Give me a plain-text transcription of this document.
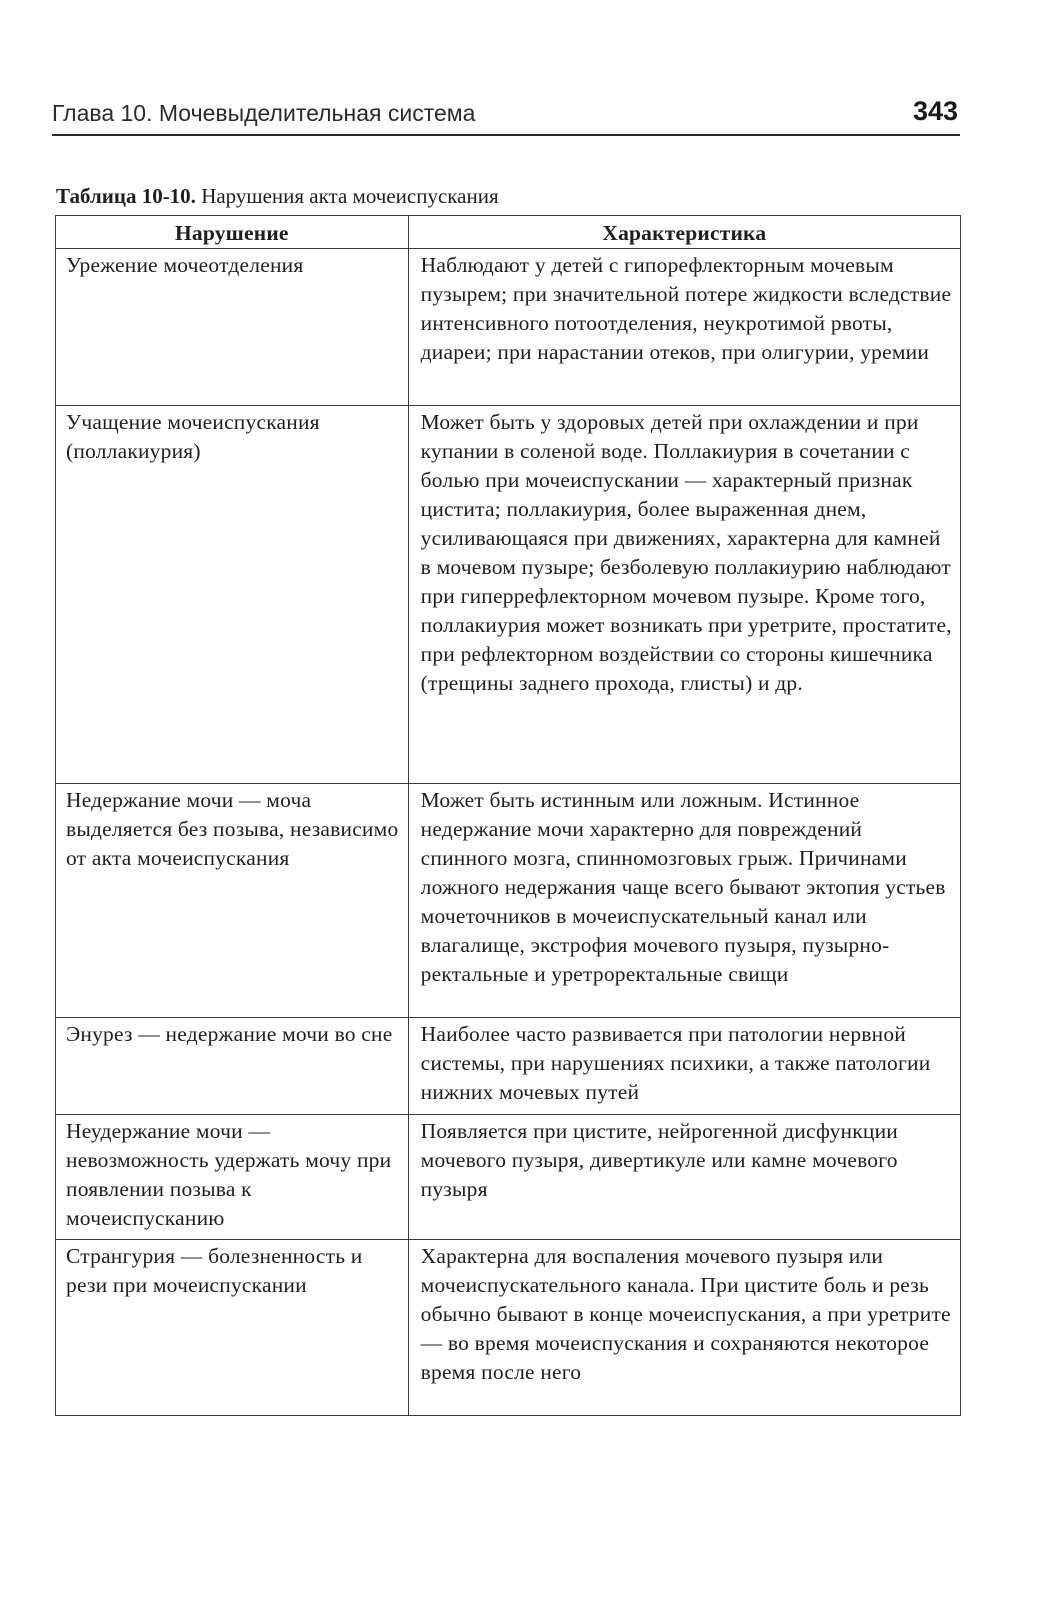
Глава 10. Мочевыделительная система	343
Таблица 10-10. Нарушения акта мочеиспускания
Нарушение	Характеристика
Урежение мочеотделения	Наблюдают у детей с гипорефлекторным мочевым пузырем; при значительной потере жидкости вследствие интенсивного потоотделения, неукротимой рвоты, диареи; при нарастании отеков, при олигурии, уремии
Учащение мочеиспускания (поллакиурия)	Может быть у здоровых детей при охлаждении и при купании в соленой воде. Поллакиурия в сочетании с болью при мочеиспускании — характерный признак цистита; поллакиурия, более выраженная днем, усиливающаяся при движениях, характерна для камней в мочевом пузыре; безболевую поллакиурию наблюдают при гиперрефлекторном мочевом пузыре. Кроме того, поллакиурия может возникать при уретрите, простатите, при рефлекторном воздействии со стороны кишечника (трещины заднего прохода, глисты) и др.
Недержание мочи — моча выделяется без позыва, независимо от акта мочеиспускания	Может быть истинным или ложным. Истинное недержание мочи характерно для повреждений спинного мозга, спинномозговых грыж. Причинами ложного недержания чаще всего бывают эктопия устьев мочеточников в мочеиспускательный канал или влагалище, экстрофия мочевого пузыря, пузырно-ректальные и уретроректальные свищи
Энурез — недержание мочи во сне	Наиболее часто развивается при патологии нервной системы, при нарушениях психики, а также патологии нижних мочевых путей
Неудержание мочи — невозможность удержать мочу при появлении позыва к мочеиспусканию	Появляется при цистите, нейрогенной дисфункции мочевого пузыря, дивертикуле или камне мочевого пузыря
Странгурия — болезненность и рези при мочеиспускании	Характерна для воспаления мочевого пузыря или мочеиспускательного канала. При цистите боль и резь обычно бывают в конце мочеиспускания, а при уретрите — во время мочеиспускания и сохраняются некоторое время после него
